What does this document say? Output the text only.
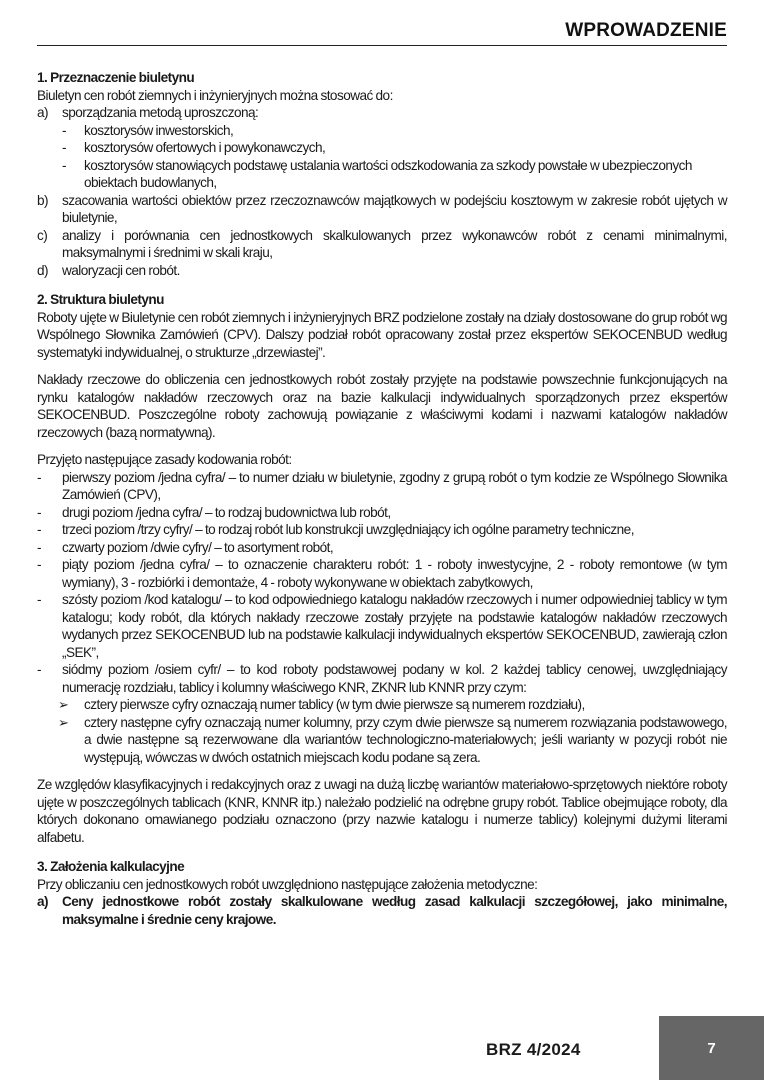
WPROWADZENIE
1. Przeznaczenie biuletynu
Biuletyn cen robót ziemnych i inżynieryjnych można stosować do:
a)	sporządzania metodą uproszczoną:
-	kosztorysów inwestorskich,
-	kosztorysów ofertowych i powykonawczych,
-	kosztorysów stanowiących podstawę ustalania wartości odszkodowania za szkody powstałe w ubezpieczonych obiektach budowlanych,
b)	szacowania wartości obiektów przez rzeczoznawców majątkowych w podejściu kosztowym w zakresie robót ujętych w biuletynie,
c)	analizy i porównania cen jednostkowych skalkulowanych przez wykonawców robót z cenami minimalnymi, maksymalnymi i średnimi w skali kraju,
d)	waloryzacji cen robót.
2. Struktura biuletynu
Roboty ujęte w Biuletynie cen robót ziemnych i inżynieryjnych BRZ podzielone zostały na działy dostosowane do grup robót wg Wspólnego Słownika Zamówień (CPV). Dalszy podział robót opracowany został przez ekspertów SEKOCENBUD według systematyki indywidualnej, o strukturze „drzewiastej”.
Nakłady rzeczowe do obliczenia cen jednostkowych robót zostały przyjęte na podstawie powszechnie funkcjonujących na rynku katalogów nakładów rzeczowych oraz na bazie kalkulacji indywidualnych sporządzonych przez ekspertów SEKOCENBUD. Poszczególne roboty zachowują powiązanie z właściwymi kodami i nazwami katalogów nakładów rzeczowych (bazą normatywną).
Przyjęto następujące zasady kodowania robót:
-	pierwszy poziom /jedna cyfra/ – to numer działu w biuletynie, zgodny z grupą robót o tym kodzie ze Wspólnego Słownika Zamówień (CPV),
-	drugi poziom /jedna cyfra/ – to rodzaj budownictwa lub robót,
-	trzeci poziom /trzy cyfry/ – to rodzaj robót lub konstrukcji uwzględniający ich ogólne parametry techniczne,
-	czwarty poziom /dwie cyfry/ – to asortyment robót,
-	piąty poziom /jedna cyfra/ – to oznaczenie charakteru robót: 1 - roboty inwestycyjne, 2 - roboty remontowe (w tym wymiany), 3 - rozbiórki i demontaże, 4 - roboty wykonywane w obiektach zabytkowych,
-	szósty poziom /kod katalogu/ – to kod odpowiedniego katalogu nakładów rzeczowych i numer odpowiedniej tablicy w tym katalogu; kody robót, dla których nakłady rzeczowe zostały przyjęte na podstawie katalogów nakładów rzeczowych wydanych przez SEKOCENBUD lub na podstawie kalkulacji indywidualnych ekspertów SEKOCENBUD, zawierają człon „SEK”,
-	siódmy poziom /osiem cyfr/ – to kod roboty podstawowej podany w kol. 2 każdej tablicy cenowej, uwzględniający numerację rozdziału, tablicy i kolumny właściwego KNR, ZKNR lub KNNR przy czym:
➢	cztery pierwsze cyfry oznaczają numer tablicy (w tym dwie pierwsze są numerem rozdziału),
➢	cztery następne cyfry oznaczają numer kolumny, przy czym dwie pierwsze są numerem rozwiązania podstawowego, a dwie następne są rezerwowane dla wariantów technologiczno-materiałowych; jeśli warianty w pozycji robót nie występują, wówczas w dwóch ostatnich miejscach kodu podane są zera.
Ze względów klasyfikacyjnych i redakcyjnych oraz z uwagi na dużą liczbę wariantów materiałowo-sprzętowych niektóre roboty ujęte w poszczególnych tablicach (KNR, KNNR itp.) należało podzielić na odrębne grupy robót. Tablice obejmujące roboty, dla których dokonano omawianego podziału oznaczono (przy nazwie katalogu i numerze tablicy) kolejnymi dużymi literami alfabetu.
3. Założenia kalkulacyjne
Przy obliczaniu cen jednostkowych robót uwzględniono następujące założenia metodyczne:
a)	Ceny jednostkowe robót zostały skalkulowane według zasad kalkulacji szczegółowej, jako minimalne, maksymalne i średnie ceny krajowe.
BRZ 4/2024	7
